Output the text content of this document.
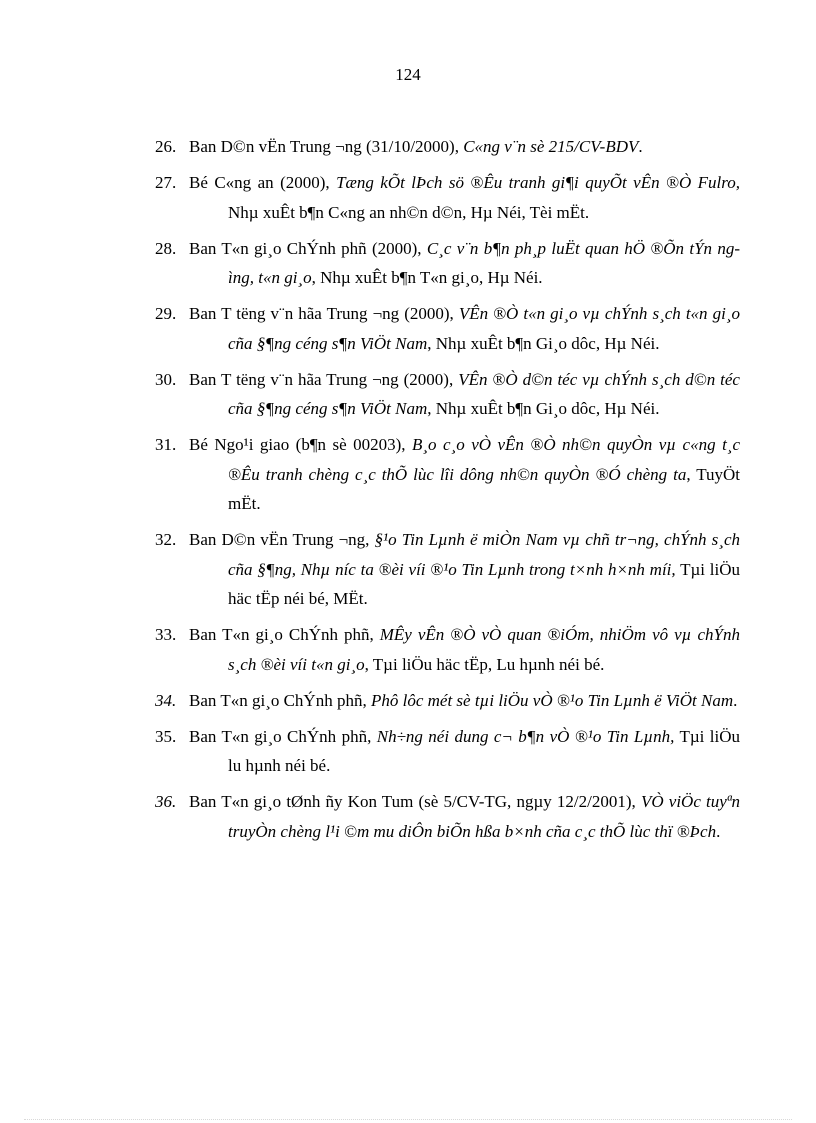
124
26. Ban D©n vËn Trung ¬ng (31/10/2000), C«ng v¨n sè 215/CV-BDV.
27. Bé C«ng an (2000), Tæng kÕt lÞch sö ®Êu tranh gi¶i quyÕt vÊn ®Ò Fulro, Nhµ xuÊt b¶n C«ng an nh©n d©n, Hµ Néi, Tèi mËt.
28. Ban T«n gi¸o ChÝnh phñ (2000), C¸c v¨n b¶n ph¸p luËt quan hÖ ®Õn tÝn ngìng, t«n gi¸o, Nhµ xuÊt b¶n T«n gi¸o, Hµ Néi.
29. Ban T tëng v¨n hãa Trung ¬ng (2000), VÊn ®Ò t«n gi¸o vµ chÝnh s¸ch t«n gi¸o cña §¶ng céng s¶n ViÖt Nam, Nhµ xuÊt b¶n Gi¸o dôc, Hµ Néi.
30. Ban T tëng v¨n hãa Trung ¬ng (2000), VÊn ®Ò d©n téc vµ chÝnh s¸ch d©n téc cña §¶ng céng s¶n ViÖt Nam, Nhµ xuÊt b¶n Gi¸o dôc, Hµ Néi.
31. Bé Ngo¹i giao (b¶n sè 00203), B¸o c¸o vÒ vÊn ®Ò nh©n quyÒn vµ c«ng t¸c ®Êu tranh chèng c¸c thÕ lùc lîi dông nh©n quyÒn ®Ó chèng ta, TuyÖt mËt.
32. Ban D©n vËn Trung ¬ng, §¹o Tin Lµnh ë miÒn Nam vµ chñ tr¬ng, chÝnh s¸ch cña §¶ng, Nhµ níc ta ®èi víi ®¹o Tin Lµnh trong t×nh h×nh míi, Tµi liÖu häc tËp néi bé, MËt.
33. Ban T«n gi¸o ChÝnh phñ, MÊy vÊn ®Ò vÒ quan ®iÓm, nhiÖm vô vµ chÝnh s¸ch ®èi víi t«n gi¸o, Tµi liÖu häc tËp, Lu hµnh néi bé.
34. Ban T«n gi¸o ChÝnh phñ, Phô lôc mét sè tµi liÖu vÒ ®¹o Tin Lµnh ë ViÖt Nam.
35. Ban T«n gi¸o ChÝnh phñ, Nh÷ng néi dung c¬ b¶n vÒ ®¹o Tin Lµnh, Tµi liÖu lu hµnh néi bé.
36. Ban T«n gi¸o tØnh ñy Kon Tum (sè 5/CV-TG, ngµy 12/2/2001), VÒ viÖc tuyªn truyÒn chèng l¹i ©m mu diÔn biÕn hßa b×nh cña c¸c thÕ lùc thï ®Þch.
